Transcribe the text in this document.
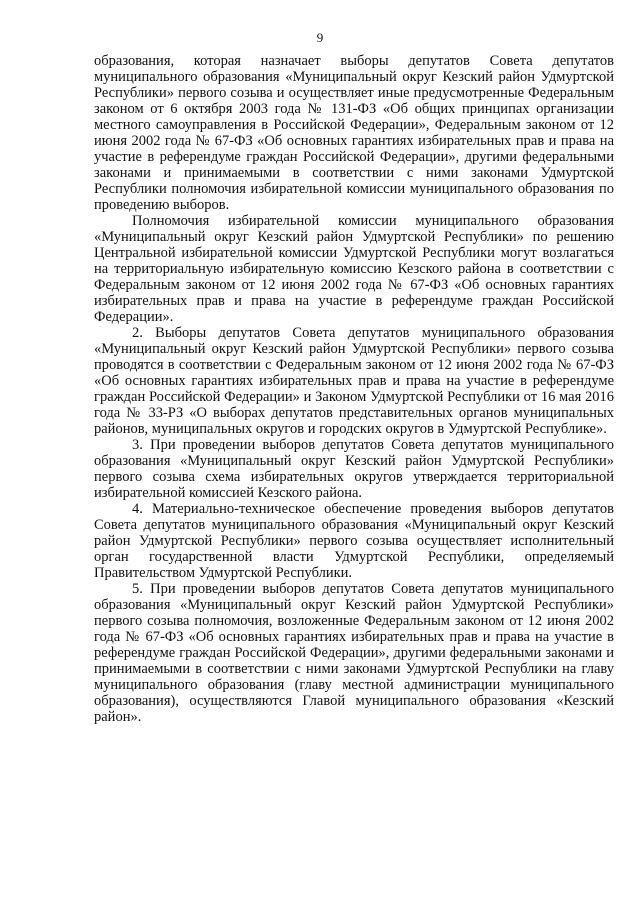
9

образования, которая назначает выборы депутатов Совета депутатов муниципального образования «Муниципальный округ Кезский район Удмуртской Республики» первого созыва и осуществляет иные предусмотренные Федеральным законом от 6 октября 2003 года № 131-ФЗ «Об общих принципах организации местного самоуправления в Российской Федерации», Федеральным законом от 12 июня 2002 года № 67-ФЗ «Об основных гарантиях избирательных прав и права на участие в референдуме граждан Российской Федерации», другими федеральными законами и принимаемыми в соответствии с ними законами Удмуртской Республики полномочия избирательной комиссии муниципального образования по проведению выборов.

Полномочия избирательной комиссии муниципального образования «Муниципальный округ Кезский район Удмуртской Республики» по решению Центральной избирательной комиссии Удмуртской Республики могут возлагаться на территориальную избирательную комиссию Кезского района в соответствии с Федеральным законом от 12 июня 2002 года № 67-ФЗ «Об основных гарантиях избирательных прав и права на участие в референдуме граждан Российской Федерации».

2. Выборы депутатов Совета депутатов муниципального образования «Муниципальный округ Кезский район Удмуртской Республики» первого созыва проводятся в соответствии с Федеральным законом от 12 июня 2002 года № 67-ФЗ «Об основных гарантиях избирательных прав и права на участие в референдуме граждан Российской Федерации» и Законом Удмуртской Республики от 16 мая 2016 года № 33-РЗ «О выборах депутатов представительных органов муниципальных районов, муниципальных округов и городских округов в Удмуртской Республике».

3. При проведении выборов депутатов Совета депутатов муниципального образования «Муниципальный округ Кезский район Удмуртской Республики» первого созыва схема избирательных округов утверждается территориальной избирательной комиссией Кезского района.

4. Материально-техническое обеспечение проведения выборов депутатов Совета депутатов муниципального образования «Муниципальный округ Кезский район Удмуртской Республики» первого созыва осуществляет исполнительный орган государственной власти Удмуртской Республики, определяемый Правительством Удмуртской Республики.

5. При проведении выборов депутатов Совета депутатов муниципального образования «Муниципальный округ Кезский район Удмуртской Республики» первого созыва полномочия, возложенные Федеральным законом от 12 июня 2002 года № 67-ФЗ «Об основных гарантиях избирательных прав и права на участие в референдуме граждан Российской Федерации», другими федеральными законами и принимаемыми в соответствии с ними законами Удмуртской Республики на главу муниципального образования (главу местной администрации муниципального образования), осуществляются Главой муниципального образования «Кезский район».
